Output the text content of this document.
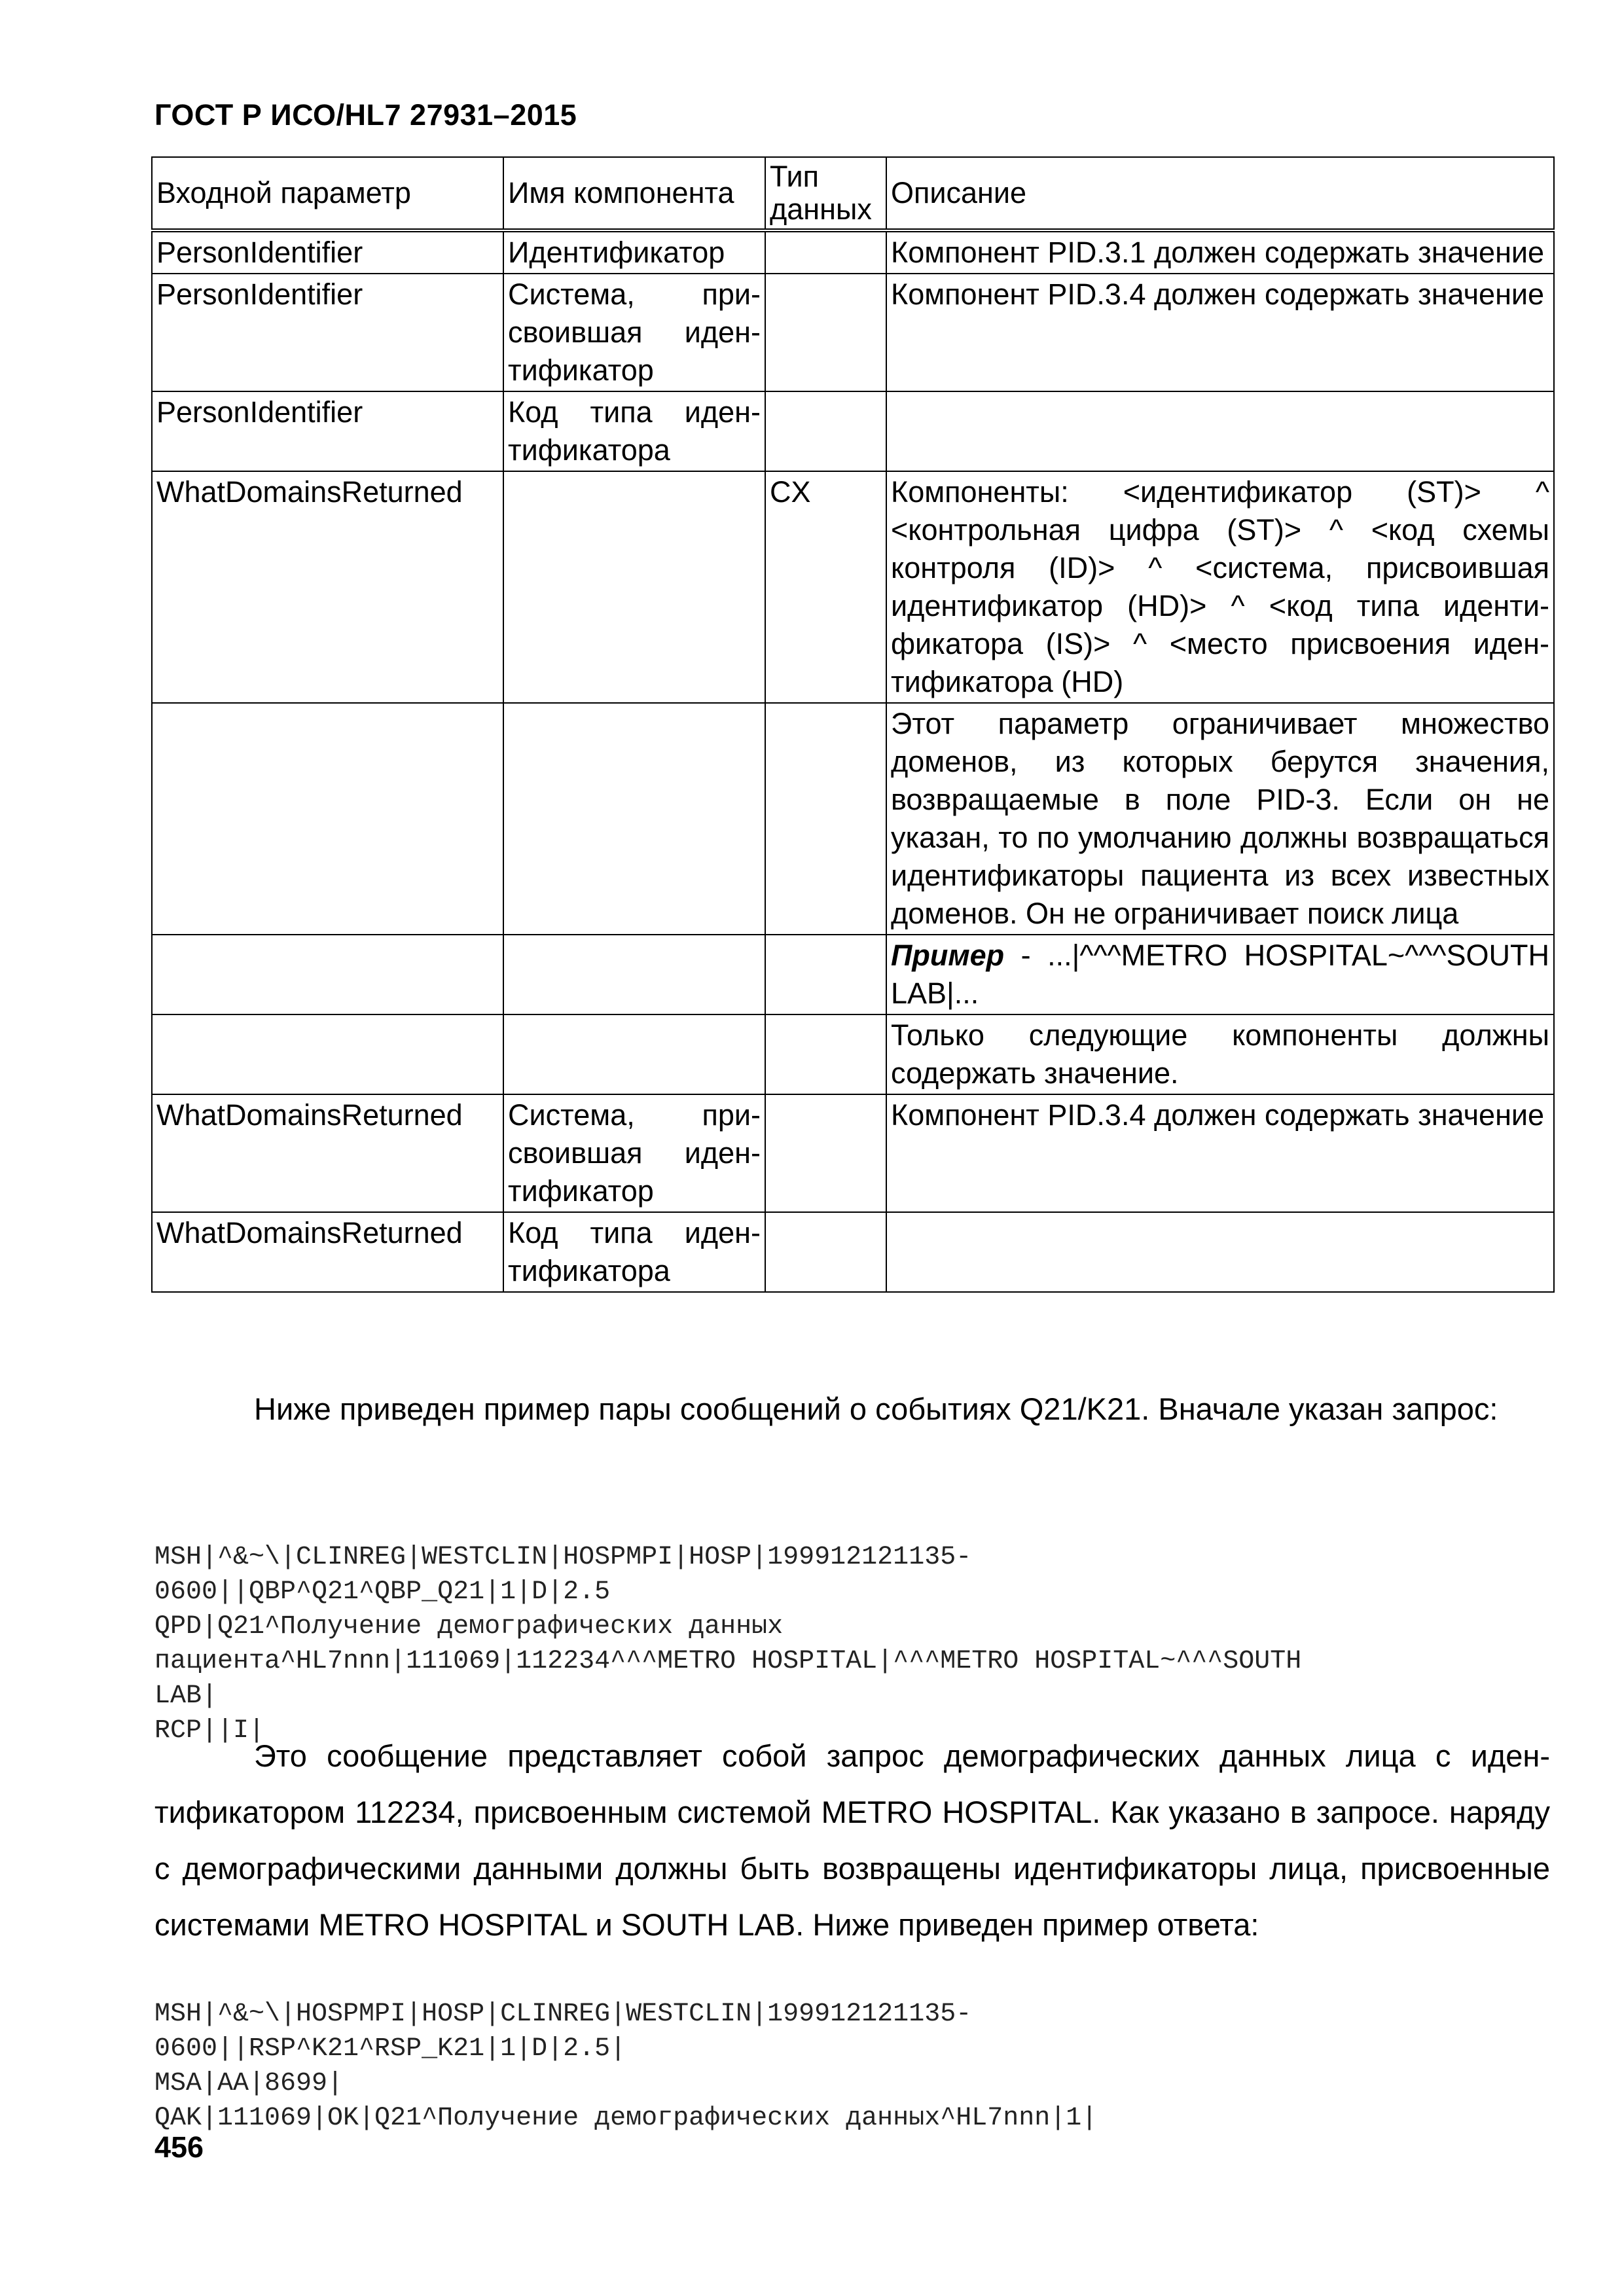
ГОСТ Р ИСО/HL7 27931–2015
Входной параметр	Имя компонента	Тип данных	Описание
PersonIdentifier	Идентификатор		Компонент PID.3.1 должен содержать значение
PersonIdentifier	Система, присвоившая идентификатор		Компонент PID.3.4 должен содержать значение
PersonIdentifier	Код типа идентификатора		
WhatDomainsReturned		CX	Компоненты: <идентификатор (ST)> ^ <контрольная цифра (ST)> ^ <код схемы контроля (ID)> ^ <система, присвоившая идентификатор (HD)> ^ <код типа идентификатора (IS)> ^ <место присвоения идентификатора (HD)
			Этот параметр ограничивает множество доменов, из которых берутся значения, возвращаемые в поле PID-3. Если он не указан, то по умолчанию должны возвращаться идентификаторы пациента из всех известных доменов. Он не ограничивает поиск лица
			Пример - ...|^^^METRO HOSPITAL~^^^SOUTH LAB|...
			Только следующие компоненты должны содержать значение.
WhatDomainsReturned	Система, присвоившая идентификатор		Компонент PID.3.4 должен содержать значение
WhatDomainsReturned	Код типа идентификатора		

Ниже приведен пример пары сообщений о событиях Q21/K21. Вначале указан запрос:

MSH|^&~\|CLINREG|WESTCLIN|HOSPMPI|HOSP|199912121135-
0600||QBP^Q21^QBP_Q21|1|D|2.5
QPD|Q21^Получение демографических данных
пациента^HL7nnn|111069|112234^^^METRO HOSPITAL|^^^METRO HOSPITAL~^^^SOUTH
LAB|
RCP||I|

Это сообщение представляет собой запрос демографических данных лица с идентификатором 112234, присвоенным системой METRO HOSPITAL. Как указано в запросе. наряду с демографическими данными должны быть возвращены идентификаторы лица, присвоенные системами METRO HOSPITAL и SOUTH LAB. Ниже приведен пример ответа:

MSH|^&~\|HOSPMPI|HOSP|CLINREG|WESTCLIN|199912121135-
0600||RSP^K21^RSP_K21|1|D|2.5|
MSA|AA|8699|
QAK|111069|OK|Q21^Получение демографических данных^HL7nnn|1|

456
